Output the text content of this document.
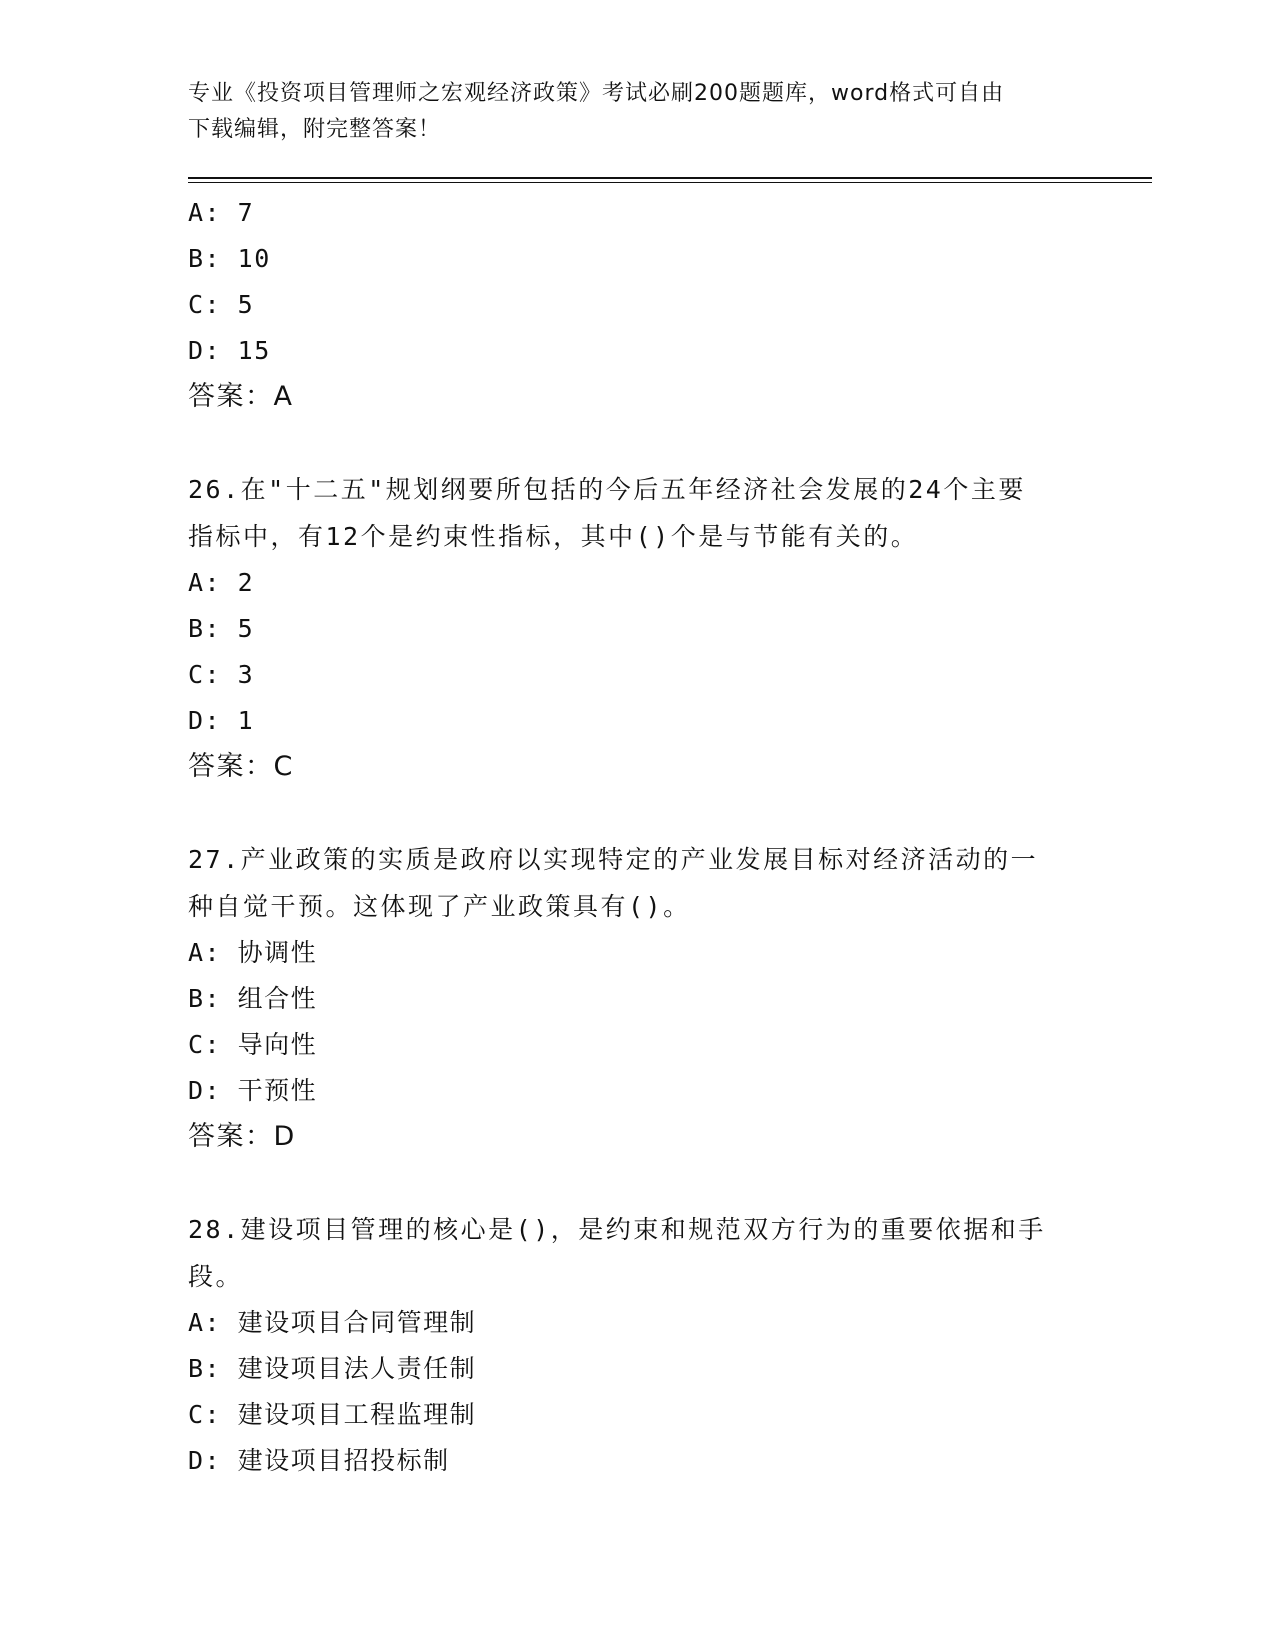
专业《投资项目管理师之宏观经济政策》考试必刷200题题库，word格式可自由
下载编辑，附完整答案！
A: 7
B: 10
C: 5
D: 15
答案：A
26.在"十二五"规划纲要所包括的今后五年经济社会发展的24个主要
指标中，有12个是约束性指标，其中()个是与节能有关的。
A: 2
B: 5
C: 3
D: 1
答案：C
27.产业政策的实质是政府以实现特定的产业发展目标对经济活动的一
种自觉干预。这体现了产业政策具有()。
A: 协调性
B: 组合性
C: 导向性
D: 干预性
答案：D
28.建设项目管理的核心是()，是约束和规范双方行为的重要依据和手
段。
A: 建设项目合同管理制
B: 建设项目法人责任制
C: 建设项目工程监理制
D: 建设项目招投标制
